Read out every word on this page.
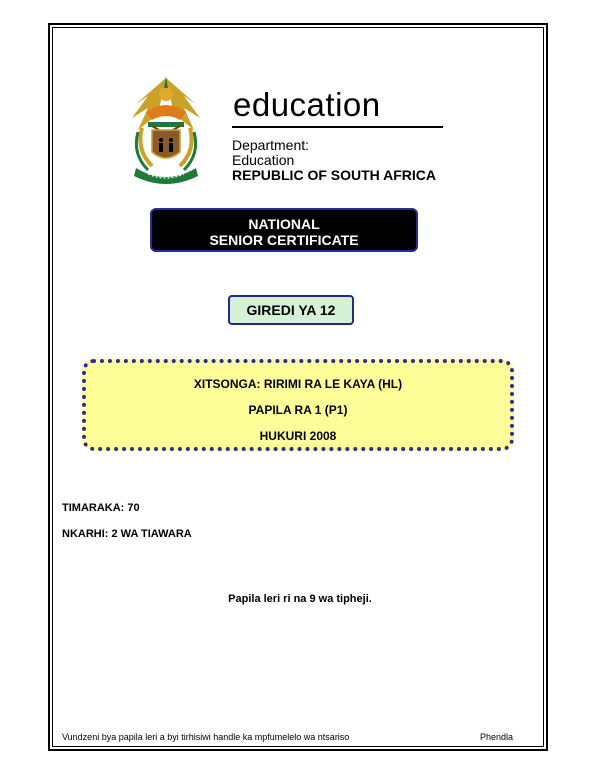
education
Department:
Education
REPUBLIC OF SOUTH AFRICA
NATIONAL
SENIOR CERTIFICATE
GIREDI YA 12
XITSONGA: RIRIMI RA LE KAYA (HL)
PAPILA RA 1 (P1)
HUKURI 2008
TIMARAKA: 70
NKARHI: 2 WA TIAWARA
Papila leri ri na 9 wa tipheji.
Vundzeni bya papila leri a byi tirhisiwi handle ka mpfumelelo wa ntsariso	Phendla
